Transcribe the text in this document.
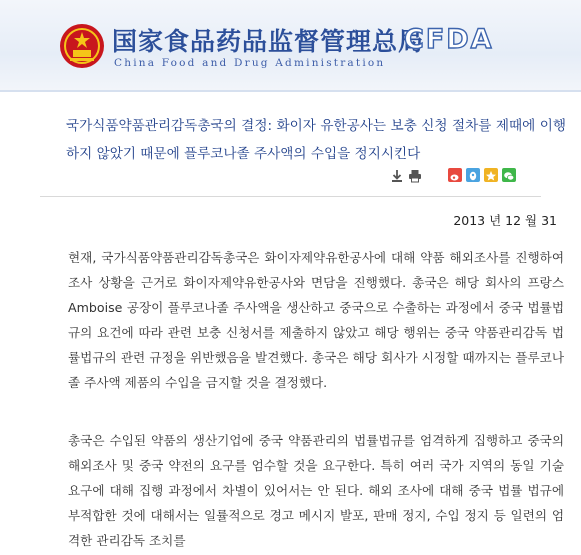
国家食品药品监督管理总局
China Food and Drug Administration
CFDA
국가식품약품관리감독총국의 결정: 화이자 유한공사는 보충 신청 절차를 제때에 이행하지 않았기 때문에 플루코나졸 주사액의 수입을 정지시킨다
2013 년 12 월 31

현재, 국가식품약품관리감독총국은 화이자제약유한공사에 대해 약품 해외조사를 진행하여 조사 상황을 근거로 화이자제약유한공사와 면담을 진행했다. 총국은 해당 회사의 프랑스 Amboise 공장이 플루코나졸 주사액을 생산하고 중국으로 수출하는 과정에서 중국 법률법규의 요건에 따라 관련 보충 신청서를 제출하지 않았고 해당 행위는 중국 약품관리감독 법률법규의 관련 규정을 위반했음을 발견했다. 총국은 해당 회사가 시정할 때까지는 플루코나졸 주사액 제품의 수입을 금지할 것을 결정했다.

총국은 수입된 약품의 생산기업에 중국 약품관리의 법률법규를 엄격하게 집행하고 중국의 해외조사 및 중국 약전의 요구를 엄수할 것을 요구한다. 특히 여러 국가 지역의 동일 기술 요구에 대해 집행 과정에서 차별이 있어서는 안 된다. 해외 조사에 대해 중국 법률 법규에 부적합한 것에 대해서는 일률적으로 경고 메시지 발포, 판매 정지, 수입 정지 등 일련의 엄격한 관리감독 조치를
